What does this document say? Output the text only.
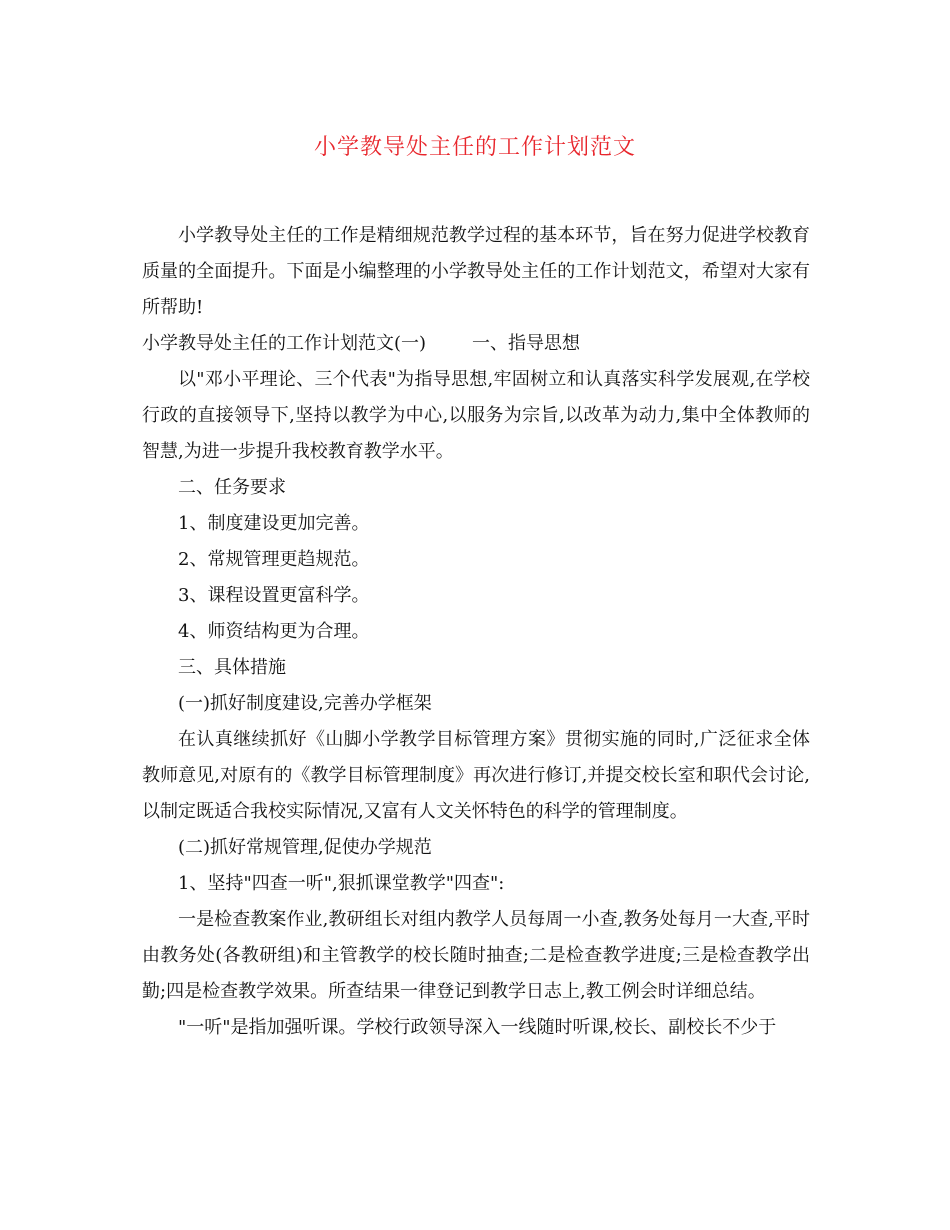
小学教导处主任的工作计划范文

小学教导处主任的工作是精细规范教学过程的基本环节，旨在努力促进学校教育质量的全面提升。下面是小编整理的小学教导处主任的工作计划范文，希望对大家有所帮助!

小学教导处主任的工作计划范文(一)	一、指导思想

以"邓小平理论、三个代表"为指导思想,牢固树立和认真落实科学发展观,在学校行政的直接领导下,坚持以教学为中心,以服务为宗旨,以改革为动力,集中全体教师的智慧,为进一步提升我校教育教学水平。

二、任务要求

1、制度建设更加完善。

2、常规管理更趋规范。

3、课程设置更富科学。

4、师资结构更为合理。

三、具体措施

(一)抓好制度建设,完善办学框架

在认真继续抓好《山脚小学教学目标管理方案》贯彻实施的同时,广泛征求全体教师意见,对原有的《教学目标管理制度》再次进行修订,并提交校长室和职代会讨论,以制定既适合我校实际情况,又富有人文关怀特色的科学的管理制度。

(二)抓好常规管理,促使办学规范

1、坚持"四查一听",狠抓课堂教学"四查":

一是检查教案作业,教研组长对组内教学人员每周一小查,教务处每月一大查,平时由教务处(各教研组)和主管教学的校长随时抽查;二是检查教学进度;三是检查教学出勤;四是检查教学效果。所查结果一律登记到教学日志上,教工例会时详细总结。

"一听"是指加强听课。学校行政领导深入一线随时听课,校长、副校长不少于
